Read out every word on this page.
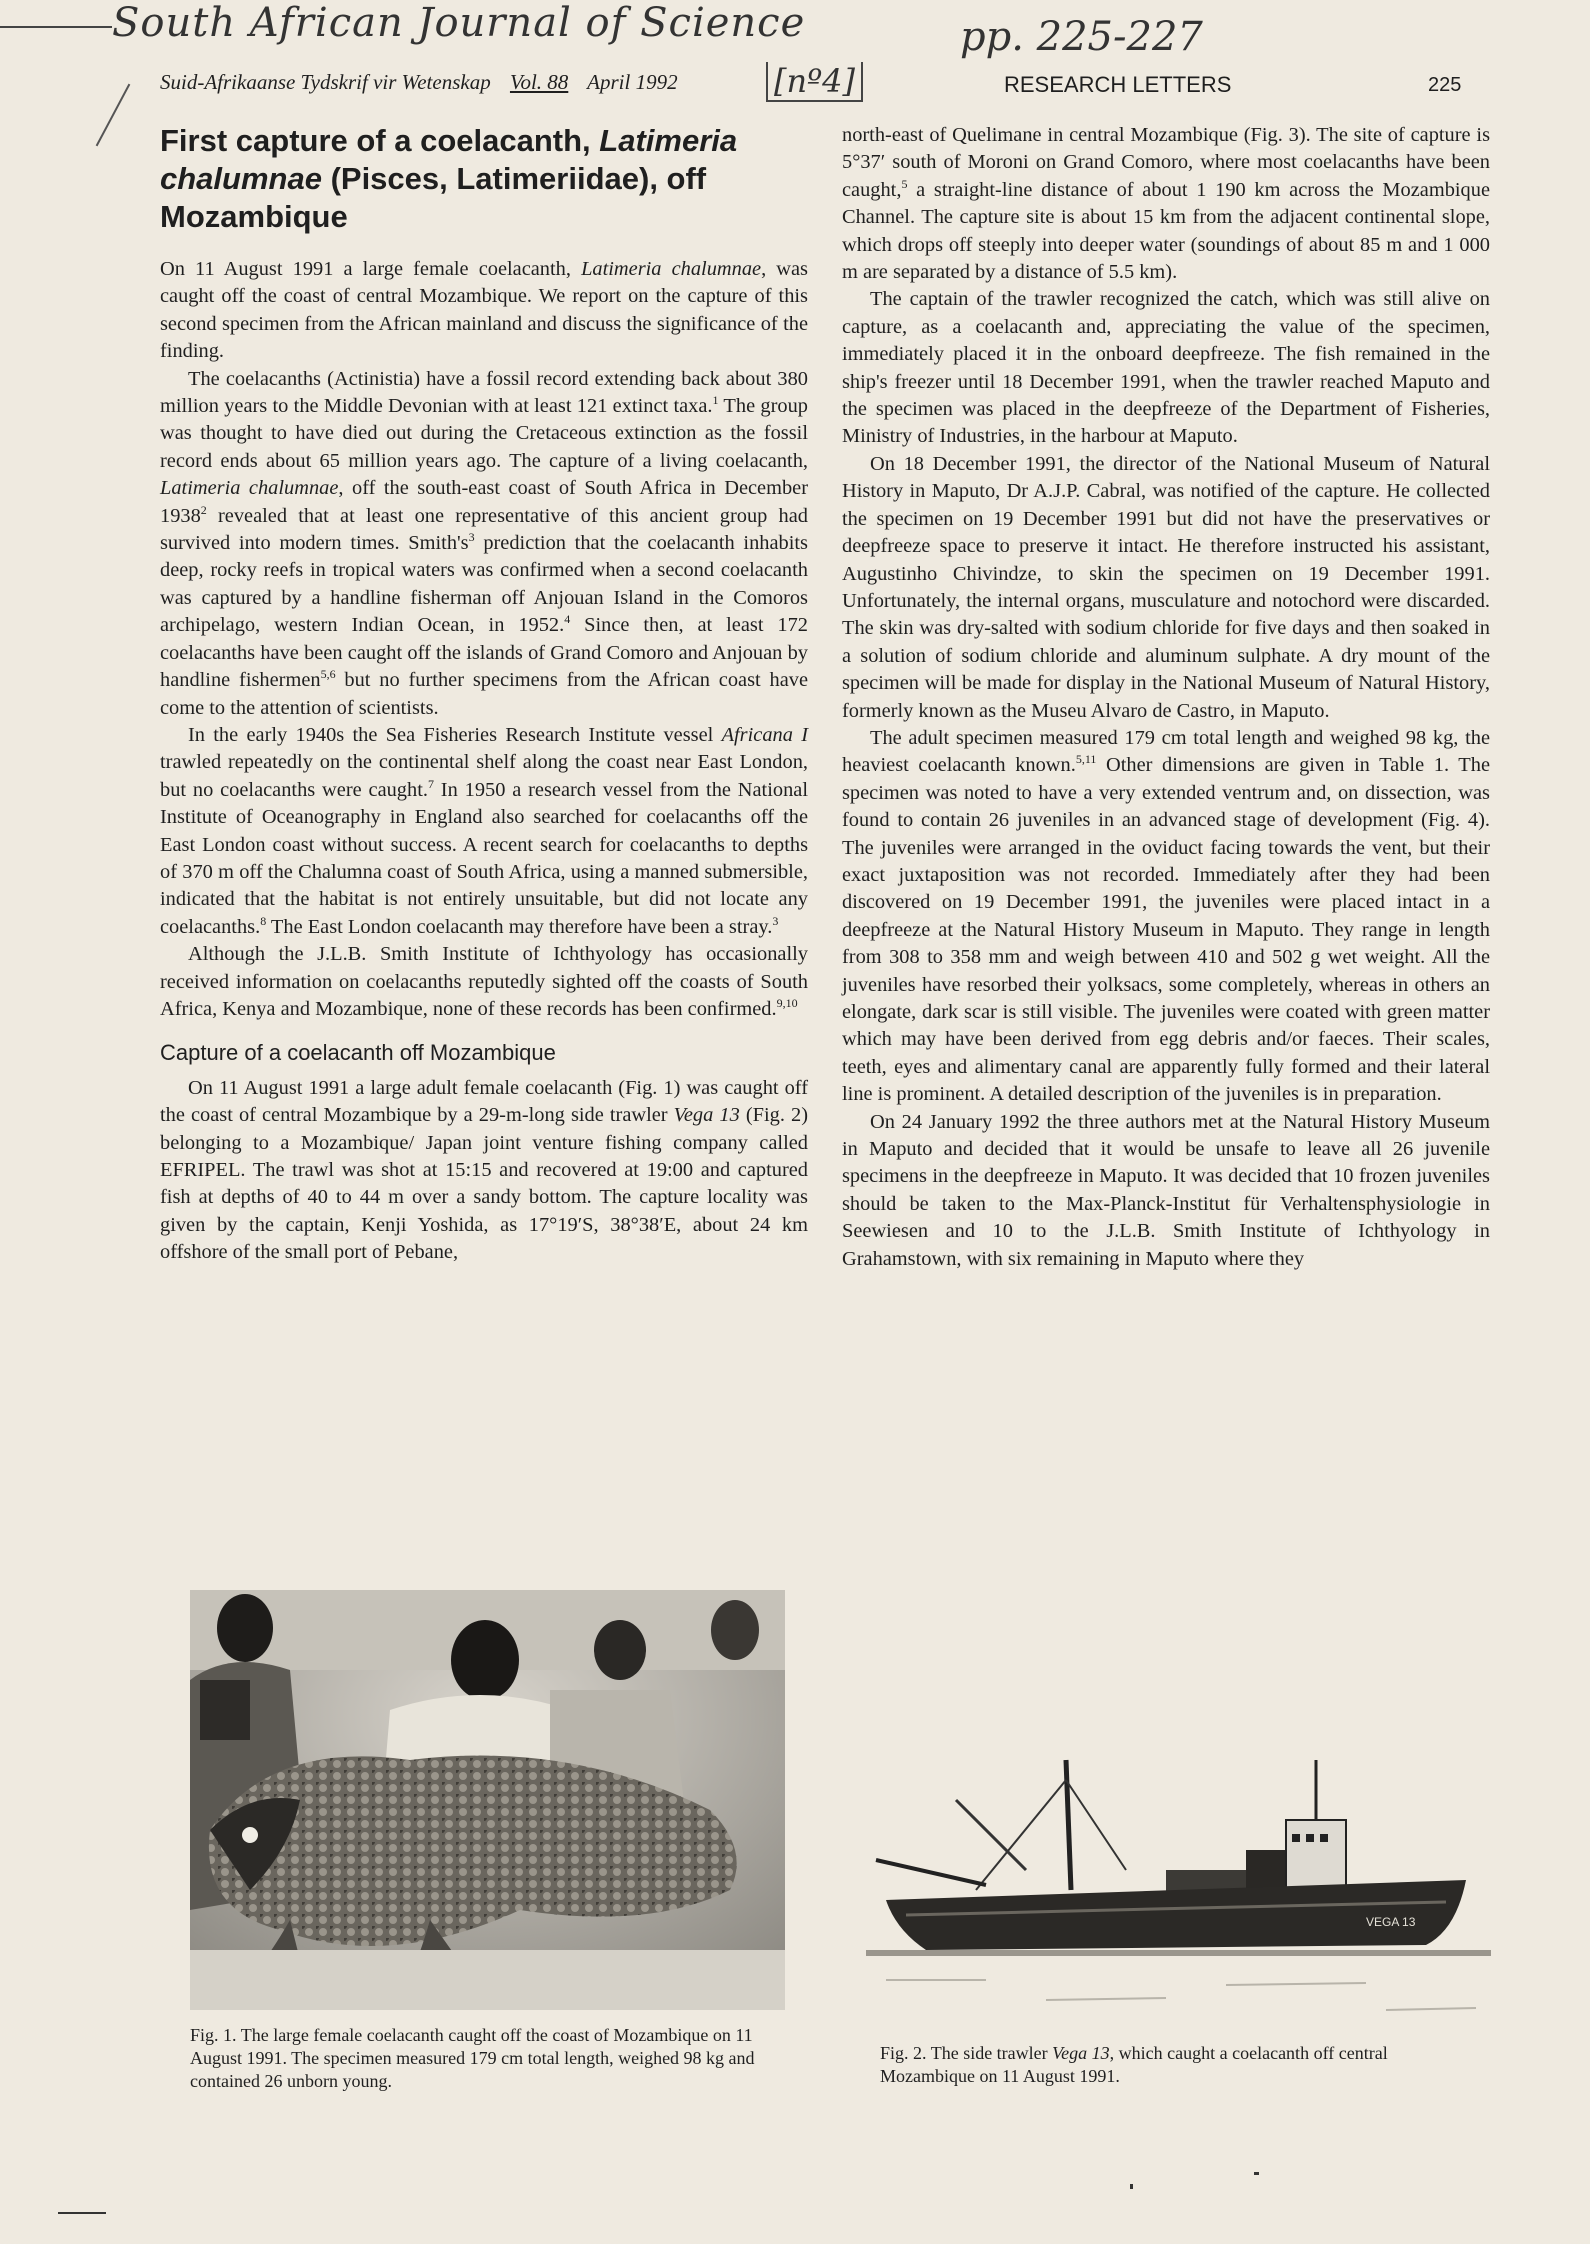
South African Journal of Science	pp. 225-227
[nº4]
Suid-Afrikaanse Tydskrif vir Wetenskap Vol. 88 April 1992	RESEARCH LETTERS	225
First capture of a coelacanth, Latimeria chalumnae (Pisces, Latimeriidae), off Mozambique

On 11 August 1991 a large female coelacanth, Latimeria chalumnae, was caught off the coast of central Mozambique. We report on the capture of this second specimen from the African mainland and discuss the significance of the finding.

The coelacanths (Actinistia) have a fossil record extending back about 380 million years to the Middle Devonian with at least 121 extinct taxa.$^1$ The group was thought to have died out during the Cretaceous extinction as the fossil record ends about 65 million years ago. The capture of a living coelacanth, Latimeria chalumnae, off the south-east coast of South Africa in December 1938$^2$ revealed that at least one representative of this ancient group had survived into modern times. $Smith's^3$ prediction that the coelacanth inhabits deep, rocky reefs in tropical waters was confirmed when a second coelacanth was captured by a handline fisherman off Anjouan Island in the Comoros archipelago, western Indian Ocean, in 1952.$^4$ Since then, at least 172 coelacanths have been caught off the islands of Grand Comoro and Anjouan by handline fishermen$^{5,6}$ but no further specimens from the African coast have come to the attention of scientists.

In the early 1940s the Sea Fisheries Research Institute vessel Africana I trawled repeatedly on the continental shelf along the coast near East London, but no coelacanths were caught.$^7$ In 1950 a research vessel from the National Institute of Oceanography in England also searched for coelacanths off the East London coast without success. A recent search for coelacanths to depths of 370 m off the Chalumna coast of South Africa, using a manned submersible, indicated that the habitat is not entirely unsuitable, but did not locate any coelacanths.$^8$ The East London coelacanth may therefore have been a stray.$^3$

Although the J.L.B. Smith Institute of Ichthyology has occasionally received information on coelacanths reputedly sighted off the coasts of South Africa, Kenya and Mozambique, none of these records has been confirmed.$^{9,10}$

Capture of a coelacanth off Mozambique

On 11 August 1991 a large adult female coelacanth (Fig. 1) was caught off the coast of central Mozambique by a 29-m-long side trawler Vega 13 (Fig. 2) belonging to a Mozambique/ Japan joint venture fishing company called EFRIPEL. The trawl was shot at 15:15 and recovered at 19:00 and captured fish at depths of 40 to 44 m over a sandy bottom. The capture locality was given by the captain, Kenji Yoshida, as 17°19′S, 38°38′E, about 24 km offshore of the small port of Pebane,

north-east of Quelimane in central Mozambique (Fig. 3). The site of capture is 5°37′ south of Moroni on Grand Comoro, where most coelacanths have been caught,$^5$ a straight-line distance of about 1 190 km across the Mozambique Channel. The capture site is about 15 km from the adjacent continental slope, which drops off steeply into deeper water (soundings of about 85 m and 1 000 m are separated by a distance of 5.5 km).

The captain of the trawler recognized the catch, which was still alive on capture, as a coelacanth and, appreciating the value of the specimen, immediately placed it in the onboard deepfreeze. The fish remained in the ship's freezer until 18 December 1991, when the trawler reached Maputo and the specimen was placed in the deepfreeze of the Department of Fisheries, Ministry of Industries, in the harbour at Maputo.

On 18 December 1991, the director of the National Museum of Natural History in Maputo, Dr A.J.P. Cabral, was notified of the capture. He collected the specimen on 19 December 1991 but did not have the preservatives or deepfreeze space to preserve it intact. He therefore instructed his assistant, Augustinho Chivindze, to skin the specimen on 19 December 1991. Unfortunately, the internal organs, musculature and notochord were discarded. The skin was dry-salted with sodium chloride for five days and then soaked in a solution of sodium chloride and aluminum sulphate. A dry mount of the specimen will be made for display in the National Museum of Natural History, formerly known as the Museu Alvaro de Castro, in Maputo.

The adult specimen measured 179 cm total length and weighed 98 kg, the heaviest coelacanth known.$^{5,11}$ Other dimensions are given in Table 1. The specimen was noted to have a very extended ventrum and, on dissection, was found to contain 26 juveniles in an advanced stage of development (Fig. 4). The juveniles were arranged in the oviduct facing towards the vent, but their exact juxtaposition was not recorded. Immediately after they had been discovered on 19 December 1991, the juveniles were placed intact in a deepfreeze at the Natural History Museum in Maputo. They range in length from 308 to 358 mm and weigh between 410 and 502 g wet weight. All the juveniles have resorbed their yolksacs, some completely, whereas in others an elongate, dark scar is still visible. The juveniles were coated with green matter which may have been derived from egg debris and/or faeces. Their scales, teeth, eyes and alimentary canal are apparently fully formed and their lateral line is prominent. A detailed description of the juveniles is in preparation.

On 24 January 1992 the three authors met at the Natural History Museum in Maputo and decided that it would be unsafe to leave all 26 juvenile specimens in the deepfreeze in Maputo. It was decided that 10 frozen juveniles should be taken to the Max-Planck-Institut für Verhaltensphysiologie in Seewiesen and 10 to the J.L.B. Smith Institute of Ichthyology in Grahamstown, with six remaining in Maputo where they

Fig. 1. The large female coelacanth caught off the coast of Mozambique on 11 August 1991. The specimen measured 179 cm total length, weighed 98 kg and contained 26 unborn young.
VEGA 13
Fig. 2. The side trawler Vega 13, which caught a coelacanth off central Mozambique on 11 August 1991.
